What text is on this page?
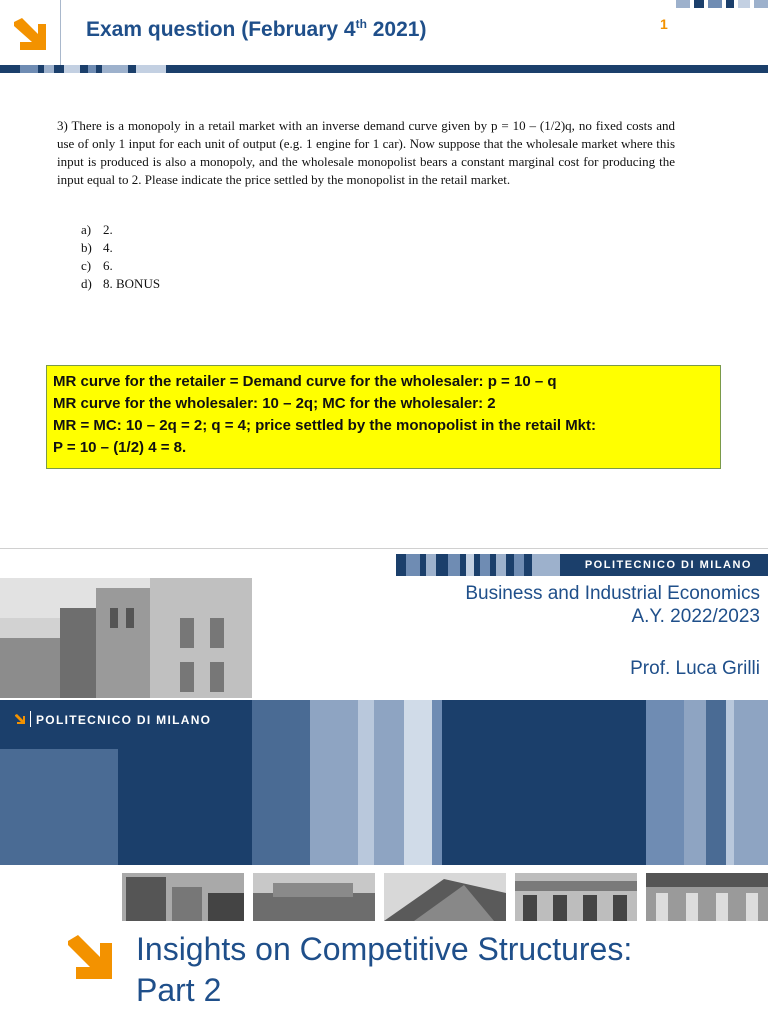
Exam question (February 4th 2021)	1

3) There is a monopoly in a retail market with an inverse demand curve given by p = 10 – (1/2)q, no fixed costs and use of only 1 input for each unit of output (e.g. 1 engine for 1 car). Now suppose that the wholesale market where this input is produced is also a monopoly, and the wholesale monopolist bears a constant marginal cost for producing the input equal to 2. Please indicate the price settled by the monopolist in the retail market.

a) 2.
b) 4.
c) 6.
d) 8. BONUS
MR curve for the retailer = Demand curve for the wholesaler: p = 10 – q
MR curve for the wholesaler: 10 – 2q; MC for the wholesaler: 2
MR = MC: 10 – 2q = 2; q = 4; price settled by the monopolist in the retail Mkt:
P = 10 – (1/2) 4 = 8.
POLITECNICO DI MILANO
Business and Industrial Economics
A.Y. 2022/2023
Prof. Luca Grilli
POLITECNICO DI MILANO
Insights on Competitive Structures:
Part 2
